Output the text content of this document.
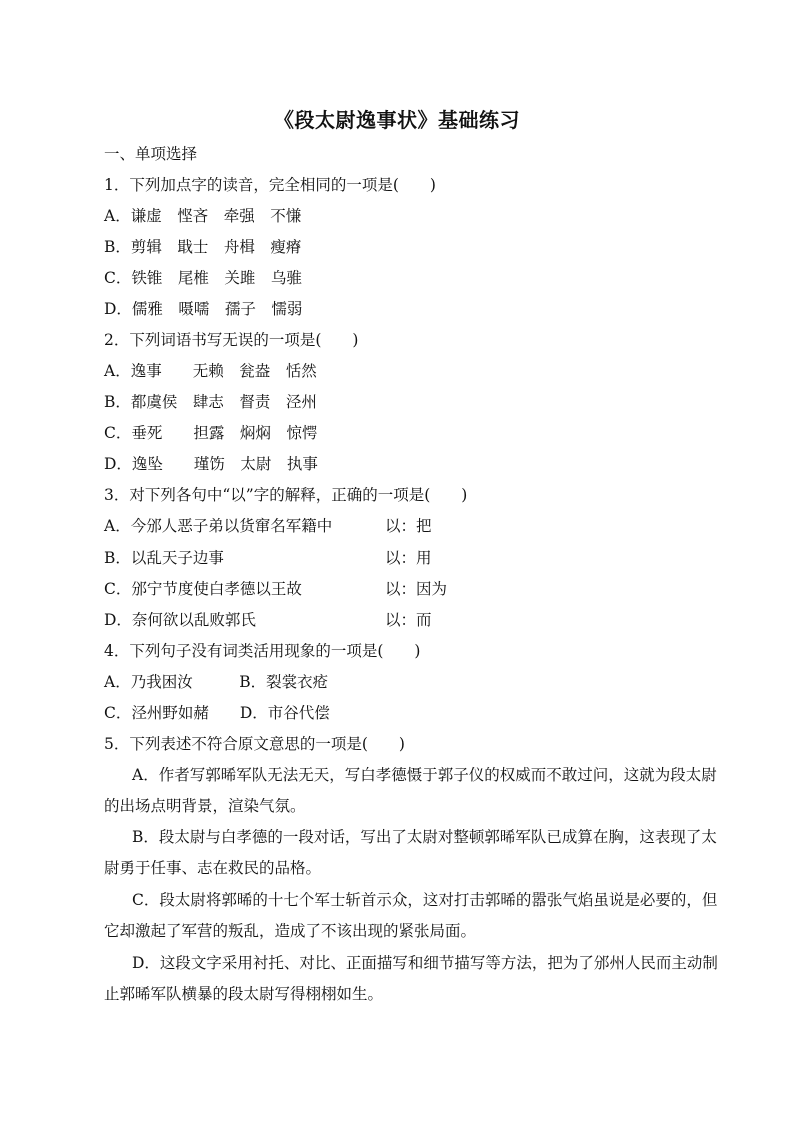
《段太尉逸事状》基础练习
一、单项选择
1．下列加点字的读音，完全相同的一项是(　　)
A．谦虚　悭吝　牵强　不慊
B．剪辑　戢士　舟楫　瘦瘠
C．铁锥　尾椎　关雎　乌骓
D．儒雅　嗫嚅　孺子　懦弱
2．下列词语书写无误的一项是(　　)
A．逸事　　无赖　瓮盎　恬然
B．都虞侯　肆志　督责　泾州
C．垂死　　担露　焖焖　惊愕
D．逸坠　　瑾饬　太尉　执事
3．对下列各句中“以”字的解释，正确的一项是(　　)
A．今邠人恶子弟以货窜名军籍中	以：把
B．以乱天子边事	以：用
C．邠宁节度使白孝德以王故	以：因为
D．奈何欲以乱败郭氏	以：而
4．下列句子没有词类活用现象的一项是(　　)
A．乃我困汝　　　B．裂裳衣疮
C．泾州野如赭　　D．市谷代偿
5．下列表述不符合原文意思的一项是(　　)
A．作者写郭晞军队无法无天，写白孝德慑于郭子仪的权威而不敢过问，这就为段太尉的出场点明背景，渲染气氛。
B．段太尉与白孝德的一段对话，写出了太尉对整顿郭晞军队已成算在胸，这表现了太尉勇于任事、志在救民的品格。
C．段太尉将郭晞的十七个军士斩首示众，这对打击郭晞的嚣张气焰虽说是必要的，但它却激起了军营的叛乱，造成了不该出现的紧张局面。
D．这段文字采用衬托、对比、正面描写和细节描写等方法，把为了邠州人民而主动制止郭晞军队横暴的段太尉写得栩栩如生。
